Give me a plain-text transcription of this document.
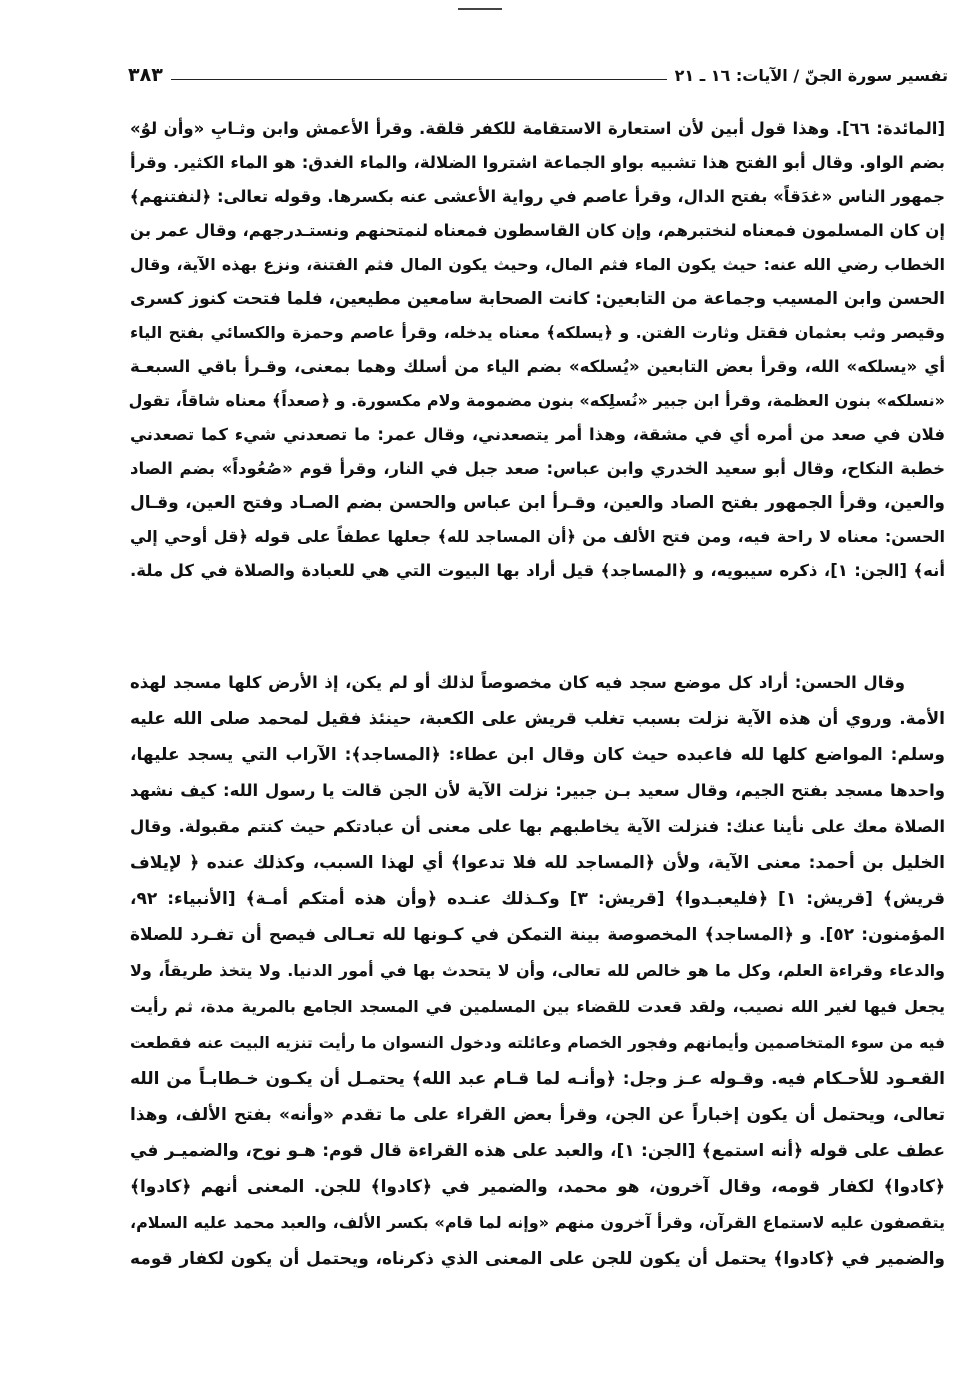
تفسير سورة الجنّ / الآيات: ١٦ ـ ٢١
٣٨٣
[المائدة: ٦٦]. وهذا قول أبين لأن استعارة الاستقامة للكفر قلقة. وقرأ الأعمش وابن وثـابِ «وأن لوُ»
بضم الواو. وقال أبو الفتح هذا تشبيه بواو الجماعة اشتروا الضلالة، والماء الغدق: هو الماء الكثير. وقرأ
جمهور الناس «غدَقاً» بفتح الدال، وقرأ عاصم في رواية الأعشى عنه بكسرها. وقوله تعالى: ﴿لنفتنهم﴾
إن كان المسلمون فمعناه لنختبرهم، وإن كان القاسطون فمعناه لنمتحنهم ونستـدرجهم، وقال عمر بن
الخطاب رضي الله عنه: حيث يكون الماء فثم المال، وحيث يكون المال فثم الفتنة، ونزع بهذه الآية، وقال
الحسن وابن المسيب وجماعة من التابعين: كانت الصحابة سامعين مطيعين، فلما فتحت كنوز كسرى
وقيصر وثب بعثمان فقتل وثارت الفتن. و ﴿يسلكه﴾ معناه يدخله، وقرأ عاصم وحمزة والكسائي بفتح الياء
أي «يسلكه» الله، وقرأ بعض التابعين «يُسلكه» بضم الياء من أسلك وهما بمعنى، وقـرأ باقي السبعـة
«نسلكه» بنون العظمة، وقرأ ابن جبير «نُسلِكه» بنون مضمومة ولام مكسورة. و ﴿صعداً﴾ معناه شاقاً، تقول
فلان في صعد من أمره أي في مشقة، وهذا أمر يتصعدني، وقال عمر: ما تصعدني شيء كما تصعدني
خطبة النكاح، وقال أبو سعيد الخدري وابن عباس: صعد جبل في النار، وقرأ قوم «صُعُوداً» بضم الصاد
والعين، وقرأ الجمهور بفتح الصاد والعين، وقـرأ ابن عباس والحسن بضم الصـاد وفتح العين، وقـال
الحسن: معناه لا راحة فيه، ومن فتح الألف من ﴿أن المساجد لله﴾ جعلها عطفاً على قوله ﴿قل أوحي إلي
أنه﴾ [الجن: ١]، ذكره سيبويه، و ﴿المساجد﴾ قيل أراد بها البيوت التي هي للعبادة والصلاة في كل ملة.
وقال الحسن: أراد كل موضع سجد فيه كان مخصوصاً لذلك أو لم يكن، إذ الأرض كلها مسجد لهذه
الأمة. وروي أن هذه الآية نزلت بسبب تغلب قريش على الكعبة، حينئذ فقيل لمحمد صلى الله عليه
وسلم: المواضع كلها لله فاعبده حيث كان وقال ابن عطاء: ﴿المساجد﴾: الآراب التي يسجد عليها،
واحدها مسجد بفتح الجيم، وقال سعيد بـن جبير: نزلت الآية لأن الجن قالت يا رسول الله: كيف نشهد
الصلاة معك على نأينا عنك: فنزلت الآية يخاطبهم بها على معنى أن عبادتكم حيث كنتم مقبولة. وقال
الخليل بن أحمد: معنى الآية، ولأن ﴿المساجد لله فلا تدعوا﴾ أي لهذا السبب، وكذلك عنده ﴿ لإيلاف
قريش﴾ [قريش: ١] ﴿فليعبـدوا﴾ [قريش: ٣] وكـذلك عنـده ﴿وأن هذه أمتكم أمـة﴾ [الأنبياء: ٩٢،
المؤمنون: ٥٢]. و ﴿المساجد﴾ المخصوصة بينة التمكن في كـونها لله تعـالى فيصح أن تفـرد للصلاة
والدعاء وقراءة العلم، وكل ما هو خالص لله تعالى، وأن لا يتحدث بها في أمور الدنيا. ولا يتخذ طريقاً، ولا
يجعل فيها لغير الله نصيب، ولقد قعدت للقضاء بين المسلمين في المسجد الجامع بالمرية مدة، ثم رأيت
فيه من سوء المتخاصمين وأيمانهم وفجور الخصام وعائلته ودخول النسوان ما رأيت تنزيه البيت عنه فقطعت
القعـود للأحـكام فيه. وقـوله عـز وجل: ﴿وأنـه لما قـام عبد الله﴾ يحتمـل أن يكـون خـطابـاً من الله
تعالى، ويحتمل أن يكون إخباراً عن الجن، وقرأ بعض القراء على ما تقدم «وأنه» بفتح الألف، وهذا
عطف على قوله ﴿أنه استمع﴾ [الجن: ١]، والعبد على هذه القراءة قال قوم: هـو نوح، والضميـر في
﴿كادوا﴾ لكفار قومه، وقال آخرون، هو محمد، والضمير في ﴿كادوا﴾ للجن. المعنى أنهم ﴿كادوا﴾
يتقصفون عليه لاستماع القرآن، وقرأ آخرون منهم «وإنه لما قام» بكسر الألف، والعبد محمد عليه السلام،
والضمير في ﴿كادوا﴾ يحتمل أن يكون للجن على المعنى الذي ذكرناه، ويحتمل أن يكون لكفار قومه
